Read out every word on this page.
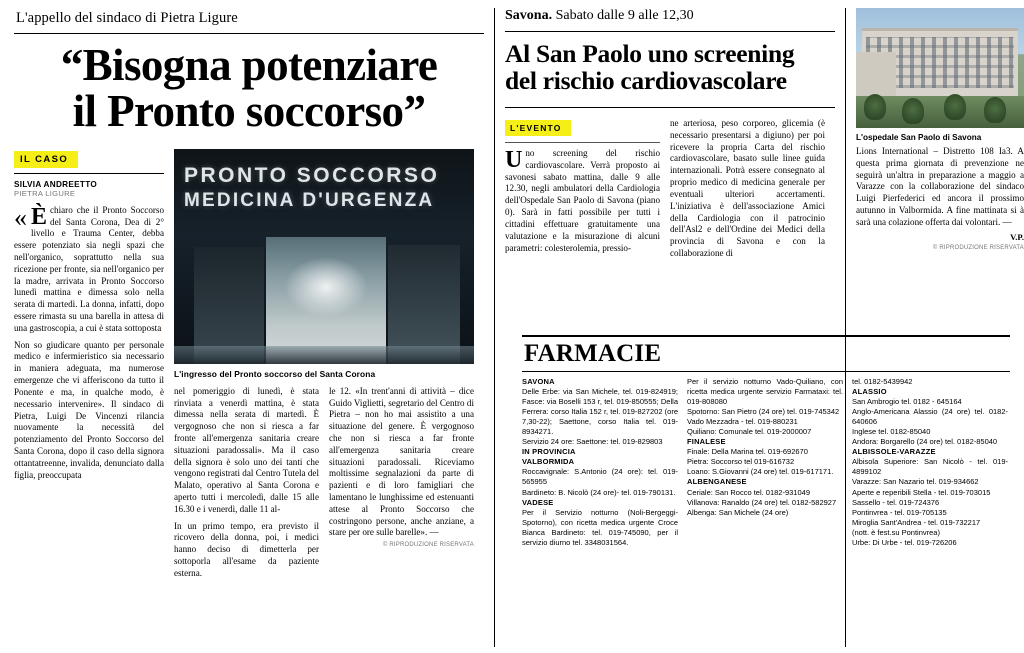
L'appello del sindaco di Pietra Ligure
“Bisogna potenziare
il Pronto soccorso”
IL CASO
SILVIA ANDREETTO
PIETRA LIGURE
« È chiaro che il Pronto Soccorso del Santa Corona, Dea di 2° livello e Trauma Center, debba essere potenziato sia negli spazi che nell'organico, soprattutto nella sua ricezione per fronte, sia nell'organico per la madre, arrivata in Pronto Soccorso lunedì mattina e dimessa solo nella serata di martedì. La donna, infatti, dopo essere rimasta su una barella in attesa di una gastroscopia, a cui è stata sottoposta

Non so giudicare quanto per personale medico e infermieristico sia necessario in maniera adeguata, ma numerose emergenze che vi afferiscono da tutto il Ponente e ma, in qualche modo, è necessario intervenire». Il sindaco di Pietra, Luigi De Vincenzi rilancia nuovamente la necessità del potenziamento del Pronto Soccorso del Santa Corona, dopo il caso della signora ottantatreenne, invalida, denunciato dalla figlia, preoccupata

PRONTO SOCCORSO
MEDICINA D'URGENZA
L'ingresso del Pronto soccorso del Santa Corona

nel pomeriggio di lunedì, è stata rinviata a venerdì mattina, è stata dimessa nella serata di martedì. È vergognoso che non si riesca a far fronte all'emergenza sanitaria creare situazioni paradossali». Ma il caso della signora è solo uno dei tanti che vengono registrati dal Centro Tutela del Malato, operativo al Santa Corona e aperto tutti i mercoledì, dalle 15 alle 16.30 e i venerdì, dalle 11 al-

In un primo tempo, era previsto il ricovero della donna, poi, i medici hanno deciso di dimetterla per sottoporla all'esame da paziente esterna.

le 12. «In trent'anni di attività – dice Guido Viglietti, segretario del Centro di Pietra – non ho mai assistito a una situazione del genere. È vergognoso che non si riesca a far fronte all'emergenza sanitaria creare situazioni paradossali. Riceviamo moltissime segnalazioni da parte di pazienti e di loro famigliari che lamentano le lunghissime ed estenuanti attese al Pronto Soccorso che costringono persone, anche anziane, a stare per ore sulle barelle». —
© RIPRODUZIONE RISERVATA
Savona. Sabato dalle 9 alle 12,30
Al San Paolo uno screening
del rischio cardiovascolare
L'EVENTO
Uno screening del rischio cardiovascolare. Verrà proposto ai savonesi sabato mattina, dalle 9 alle 12.30, negli ambulatori della Cardiologia dell'Ospedale San Paolo di Savona (piano 0). Sarà in fatti possibile per tutti i cittadini effettuare gratuitamente una valutazione e la misurazione di alcuni parametri: colesterolemia, pressio-
ne arteriosa, peso corporeo, glicemia (è necessario presentarsi a digiuno) per poi ricevere la propria Carta del rischio cardiovascolare, basato sulle linee guida internazionali. Potrà essere consegnato al proprio medico di medicina generale per eventuali ulteriori accertamenti. L'iniziativa è dell'associazione Amici della Cardiologia con il patrocinio dell'Asl2 e dell'Ordine dei Medici della provincia di Savona e con la collaborazione di
L'ospedale San Paolo di Savona
Lions International – Distretto 108 Ia3. A questa prima giornata di prevenzione ne seguirà un'altra in preparazione a maggio a Varazze con la collaborazione del sindaco Luigi Pierfederici ed ancora il prossimo autunno in Valbormida. A fine mattinata si à sarà una colazione offerta dai volontari. —
V.P.
© RIPRODUZIONE RISERVATA
FARMACIE
SAVONA
Delle Erbe: via San Michele, tel. 019-824919; Fasce: via Boselli 153 r, tel. 019-850555; Della Ferrera: corso Italia 152 r, tel. 019-827202 (ore 7,30-22); Saettone, corso Italia tel. 019-8934271.
Servizio 24 ore: Saettone: tel. 019-829803
IN PROVINCIA
VALBORMIDA
Roccavignale: S.Antonio (24 ore): tel. 019-565955
Bardineto: B. Nicolò (24 ore)- tel. 019-790131.
VADESE
Per il Servizio notturno (Noli-Bergeggi-Spotorno), con ricetta medica urgente Croce Bianca Bardineto: tel. 019-745090, per il servizio diurno tel. 3348031564.
Per il servizio notturno Vado-Quiliano, con ricetta medica urgente servizio Farmataxi: tel. 019-808080
Spotorno: San Pietro (24 ore) tel. 019-745342
Vado Mezzadra - tel. 019-880231
Quiliano: Comunale tel. 019-2000007
FINALESE
Finale: Della Marina tel. 019-692670
Pietra: Soccorso tel 019-616732
Loano: S.Giovanni (24 ore) tel. 019-617171.
ALBENGANESE
Ceriale: San Rocco tel. 0182-931049
Villanova: Ranaldo (24 ore) tel. 0182-582927
Albenga: San Michele (24 ore)
tel. 0182-5439942
ALASSIO
San Ambrogio tel. 0182 - 645164
Anglo-Americana Alassio (24 ore) tel. 0182-640606
Inglese tel. 0182-85040
Andora: Borgarello (24 ore) tel. 0182-85040
ALBISSOLE-VARAZZE
Albisola Superiore: San Nicolò - tel. 019-4899102
Varazze: San Nazario tel. 019-934662
Aperte e reperibili Stella - tel. 019-703015
Sassello - tel. 019-724376
Pontinvrea - tel. 019-705135
Miroglia Sant'Andrea - tel. 019-732217
(nott. è fest.su Pontinvrea)
Urbe: Di Urbe - tel. 019-726206
